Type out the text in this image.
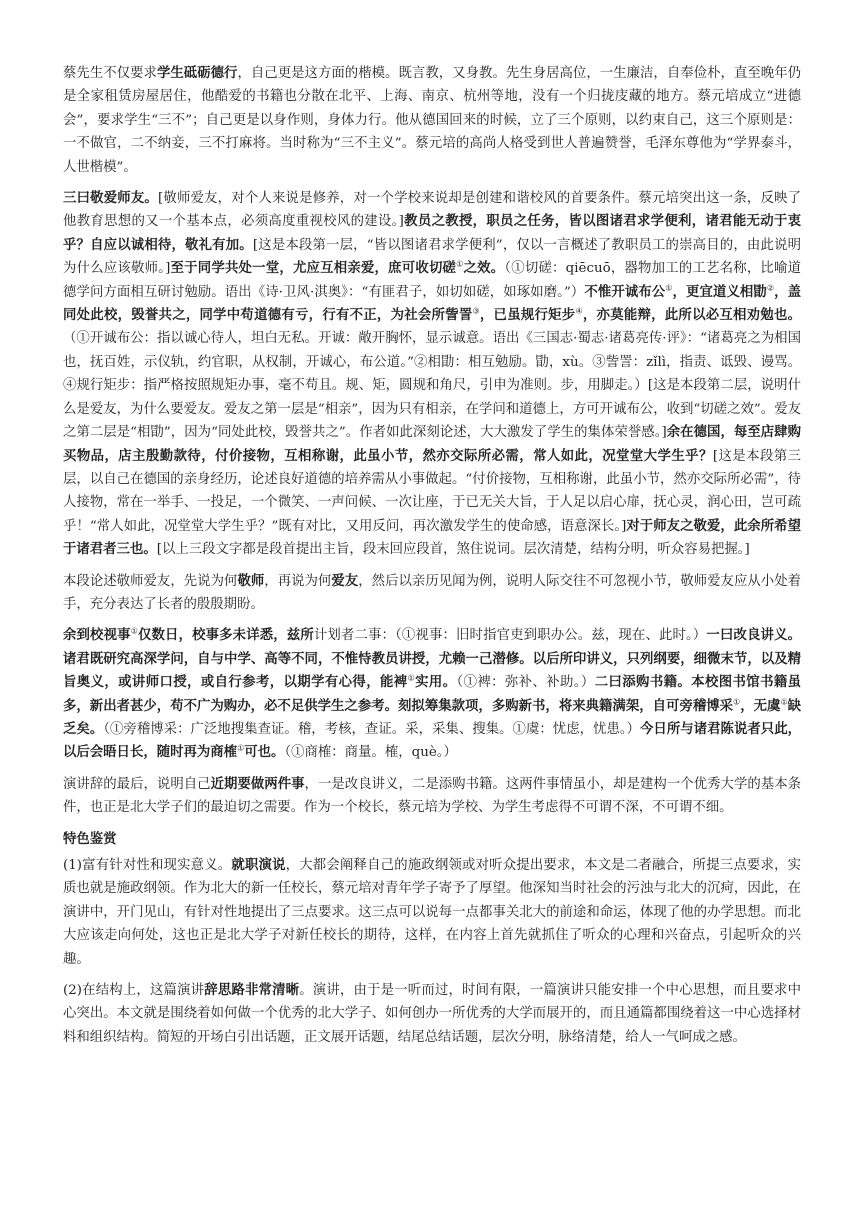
蔡先生不仅要求学生砥砺德行，自己更是这方面的楷模。既言教，又身教。先生身居高位，一生廉洁，自奉俭朴，直至晚年仍是全家租赁房屋居住，他酷爱的书籍也分散在北平、上海、南京、杭州等地，没有一个归拢庋藏的地方。蔡元培成立“进德会”，要求学生“三不”；自己更是以身作则，身体力行。他从德国回来的时候，立了三个原则，以约束自己，这三个原则是：一不做官，二不纳妾，三不打麻将。当时称为“三不主义”。蔡元培的高尚人格受到世人普遍赞誉，毛泽东尊他为“学界泰斗，人世楷模”。

三曰敬爱师友。[敬师爱友，对个人来说是修养，对一个学校来说却是创建和谐校风的首要条件。蔡元培突出这一条，反映了他教育思想的又一个基本点，必须高度重视校风的建设。]教员之教授，职员之任务，皆以图诸君求学便利，诸君能无动于衷乎？自应以诚相待，敬礼有加。[这是本段第一层，“皆以图诸君求学便利”，仅以一言概述了教职员工的崇高目的，由此说明为什么应该敬师。]至于同学共处一堂，尤应互相亲爱，庶可收切磋①之效。（①切磋：qiēcuō，器物加工的工艺名称，比喻道德学问方面相互研讨勉励。语出《诗·卫风·淇奥》：“有匪君子，如切如磋，如琢如磨。”）不惟开诚布公①，更宜道义相勖②，盖同处此校，毁誉共之，同学中苟道德有亏，行有不正，为社会所訾詈③，已虽规行矩步④，亦莫能辩，此所以必互相劝勉也。（①开诚布公：指以诚心待人，坦白无私。开诚：敞开胸怀，显示诚意。语出《三国志·蜀志·诸葛亮传·评》：“诸葛亮之为相国也，抚百姓，示仪轨，约官职，从权制，开诚心，布公道。”②相勖：相互勉励。勖，xù。③訾詈：zǐlì，指责、诋毁、谩骂。④规行矩步：指严格按照规矩办事，毫不苟且。规、矩，圆规和角尺，引申为准则。步，用脚走。）[这是本段第二层，说明什么是爱友，为什么要爱友。爱友之第一层是“相亲”，因为只有相亲，在学问和道德上，方可开诚布公，收到“切磋之效”。爱友之第二层是“相勖”，因为“同处此校，毁誉共之”。作者如此深刻论述，大大激发了学生的集体荣誉感。]余在德国，每至店肆购买物品，店主殷勤款待，付价接物，互相称谢，此虽小节，然亦交际所必需，常人如此，况堂堂大学生乎？[这是本段第三层，以自己在德国的亲身经历，论述良好道德的培养需从小事做起。“付价接物，互相称谢，此虽小节，然亦交际所必需”，待人接物，常在一举手、一投足，一个微笑、一声问候、一次让座，于已无关大旨，于人足以启心扉，抚心灵，润心田，岂可疏乎！“常人如此，况堂堂大学生乎？”既有对比，又用反问，再次激发学生的使命感，语意深长。]对于师友之敬爱，此余所希望于诸君者三也。[以上三段文字都是段首提出主旨，段末回应段首，煞住说词。层次清楚，结构分明，听众容易把握。]

本段论述敬师爱友，先说为何敬师，再说为何爱友，然后以亲历见闻为例，说明人际交往不可忽视小节，敬师爱友应从小处着手，充分表达了长者的殷殷期盼。

余到校视事①仅数日，校事多未详悉，兹所计划者二事：（①视事：旧时指官吏到职办公。兹，现在、此时。）一曰改良讲义。诸君既研究高深学问，自与中学、高等不同，不惟恃教员讲授，尤赖一己潜修。以后所印讲义，只列纲要，细微末节，以及精旨奥义，或讲师口授，或自行参考，以期学有心得，能裨①实用。（①裨：弥补、补助。）二曰添购书籍。本校图书馆书籍虽多，新出者甚少，苟不广为购办，必不足供学生之参考。刻拟筹集款项，多购新书，将来典籍满架，自可旁稽博采①，无虞①缺乏矣。（①旁稽博采：广泛地搜集查证。稽，考核，查证。采，采集、搜集。①虞：忧虑，忧患。）今日所与诸君陈说者只此，以后会晤日长，随时再为商榷①可也。（①商榷：商量。榷，què。）

演讲辞的最后，说明自己近期要做两件事，一是改良讲义，二是添购书籍。这两件事情虽小，却是建构一个优秀大学的基本条件，也正是北大学子们的最迫切之需要。作为一个校长，蔡元培为学校、为学生考虑得不可谓不深，不可谓不细。

特色鉴赏

(1)富有针对性和现实意义。就职演说，大都会阐释自己的施政纲领或对听众提出要求，本文是二者融合，所提三点要求，实质也就是施政纲领。作为北大的新一任校长，蔡元培对青年学子寄予了厚望。他深知当时社会的污浊与北大的沉疴，因此，在演讲中，开门见山，有针对性地提出了三点要求。这三点可以说每一点都事关北大的前途和命运，体现了他的办学思想。而北大应该走向何处，这也正是北大学子对新任校长的期待，这样，在内容上首先就抓住了听众的心理和兴奋点，引起听众的兴趣。

(2)在结构上，这篇演讲辞思路非常清晰。演讲，由于是一听而过，时间有限，一篇演讲只能安排一个中心思想，而且要求中心突出。本文就是围绕着如何做一个优秀的北大学子、如何创办一所优秀的大学而展开的，而且通篇都围绕着这一中心选择材料和组织结构。简短的开场白引出话题，正文展开话题，结尾总结话题，层次分明，脉络清楚，给人一气呵成之感。
